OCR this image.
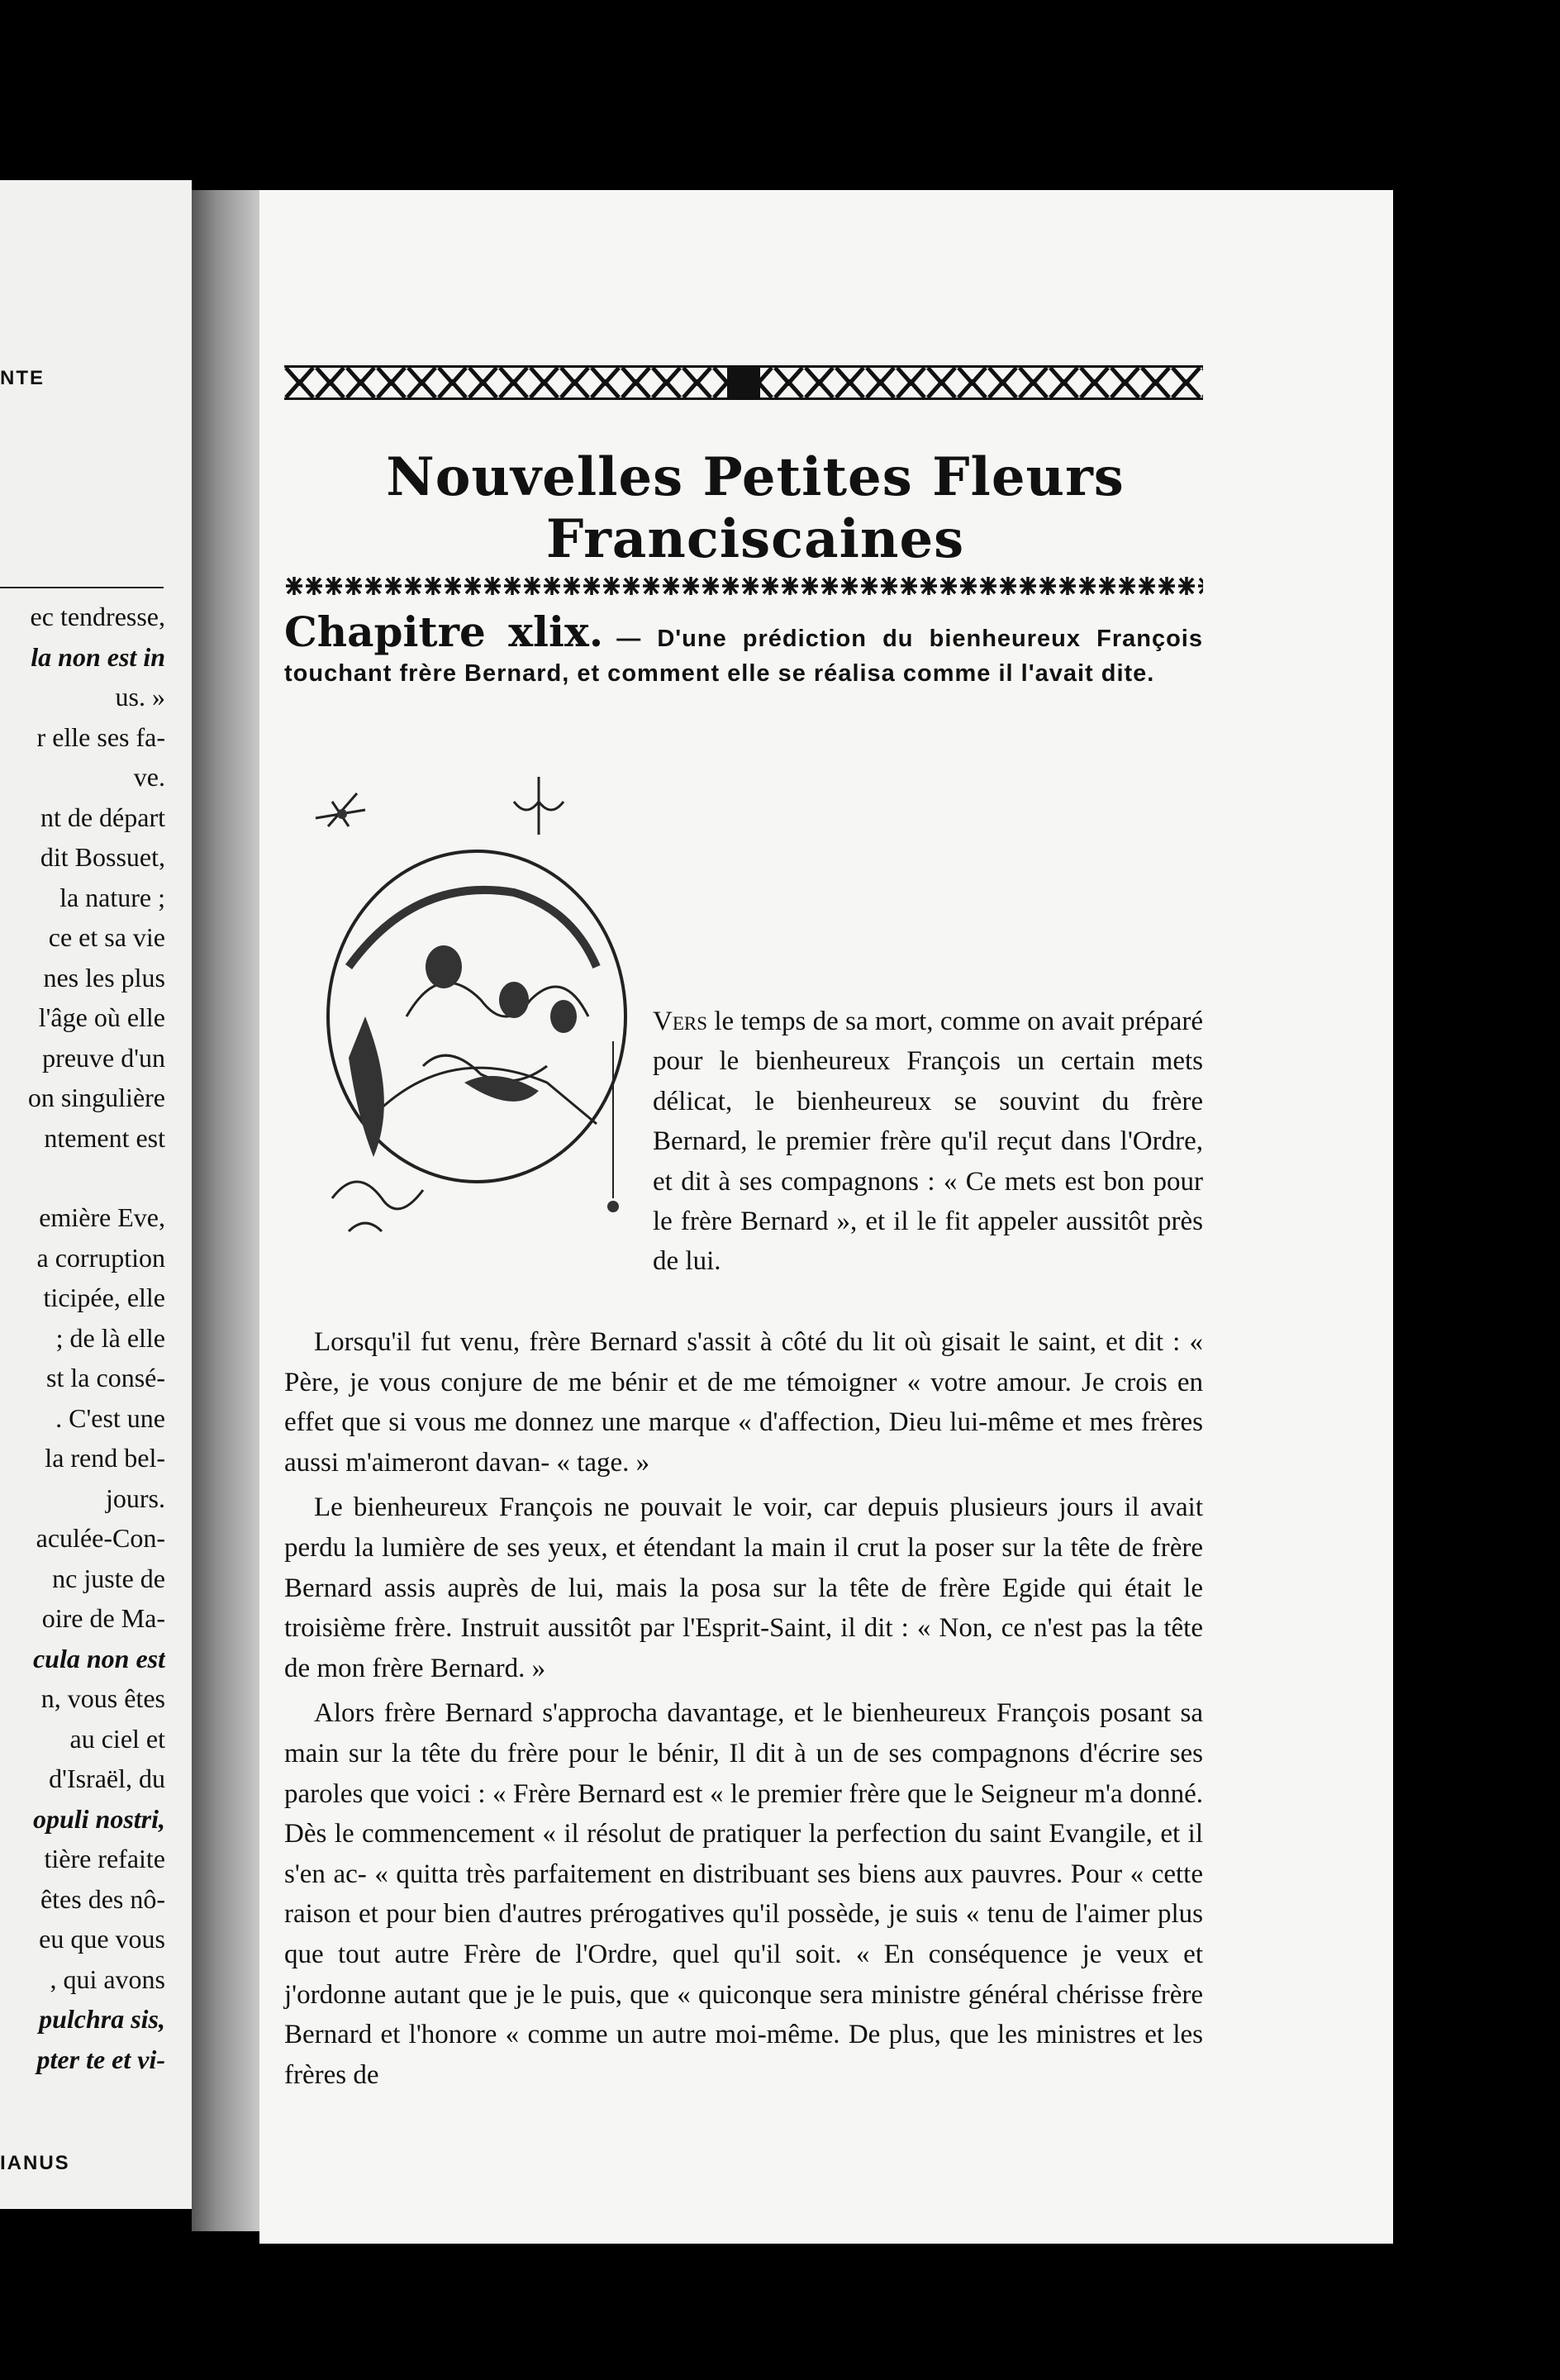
NTE
ec tendresse,
la non est in
us. »
r elle ses fa-
ve.
nt de départ
dit Bossuet,
la nature ;
ce et sa vie
nes les plus
l'âge où elle
preuve d'un
on singulière
ntement est
emière Eve,
a corruption
ticipée, elle
; de là elle
st la consé-
. C'est une
la rend bel-
jours.
aculée-Con-
nc juste de
oire de Ma-
cula non est
n, vous êtes
au ciel et
d'Israël, du
opuli nostri,
tière refaite
êtes des nô-
eu que vous
, qui avons
pulchra sis,
pter te et vi-
IANUS
Nouvelles Petites Fleurs Franciscaines
Chapitre xlix. — D'une prédiction du bienheureux François touchant frère Bernard, et comment elle se réalisa comme il l'avait dite.
Vers le temps de sa mort, comme on avait préparé pour le bienheureux François un certain mets délicat, le bienheureux se souvint du frère Bernard, le premier frère qu'il reçut dans l'Ordre, et dit à ses compagnons : « Ce mets est bon pour le frère Bernard », et il le fit appeler aussitôt près de lui.

Lorsqu'il fut venu, frère Bernard s'assit à côté du lit où gisait le saint, et dit : « Père, je vous conjure de me bénir et de me témoigner « votre amour. Je crois en effet que si vous me donnez une marque « d'affection, Dieu lui-même et mes frères aussi m'aimeront davan- « tage. »

Le bienheureux François ne pouvait le voir, car depuis plusieurs jours il avait perdu la lumière de ses yeux, et étendant la main il crut la poser sur la tête de frère Bernard assis auprès de lui, mais la posa sur la tête de frère Egide qui était le troisième frère. Instruit aussitôt par l'Esprit-Saint, il dit : « Non, ce n'est pas la tête de mon frère Bernard. »

Alors frère Bernard s'approcha davantage, et le bienheureux François posant sa main sur la tête du frère pour le bénir, Il dit à un de ses compagnons d'écrire ses paroles que voici : « Frère Bernard est « le premier frère que le Seigneur m'a donné. Dès le commencement « il résolut de pratiquer la perfection du saint Evangile, et il s'en ac- « quitta très parfaitement en distribuant ses biens aux pauvres. Pour « cette raison et pour bien d'autres prérogatives qu'il possède, je suis « tenu de l'aimer plus que tout autre Frère de l'Ordre, quel qu'il soit. « En conséquence je veux et j'ordonne autant que je le puis, que « quiconque sera ministre général chérisse frère Bernard et l'honore « comme un autre moi-même. De plus, que les ministres et les frères de
